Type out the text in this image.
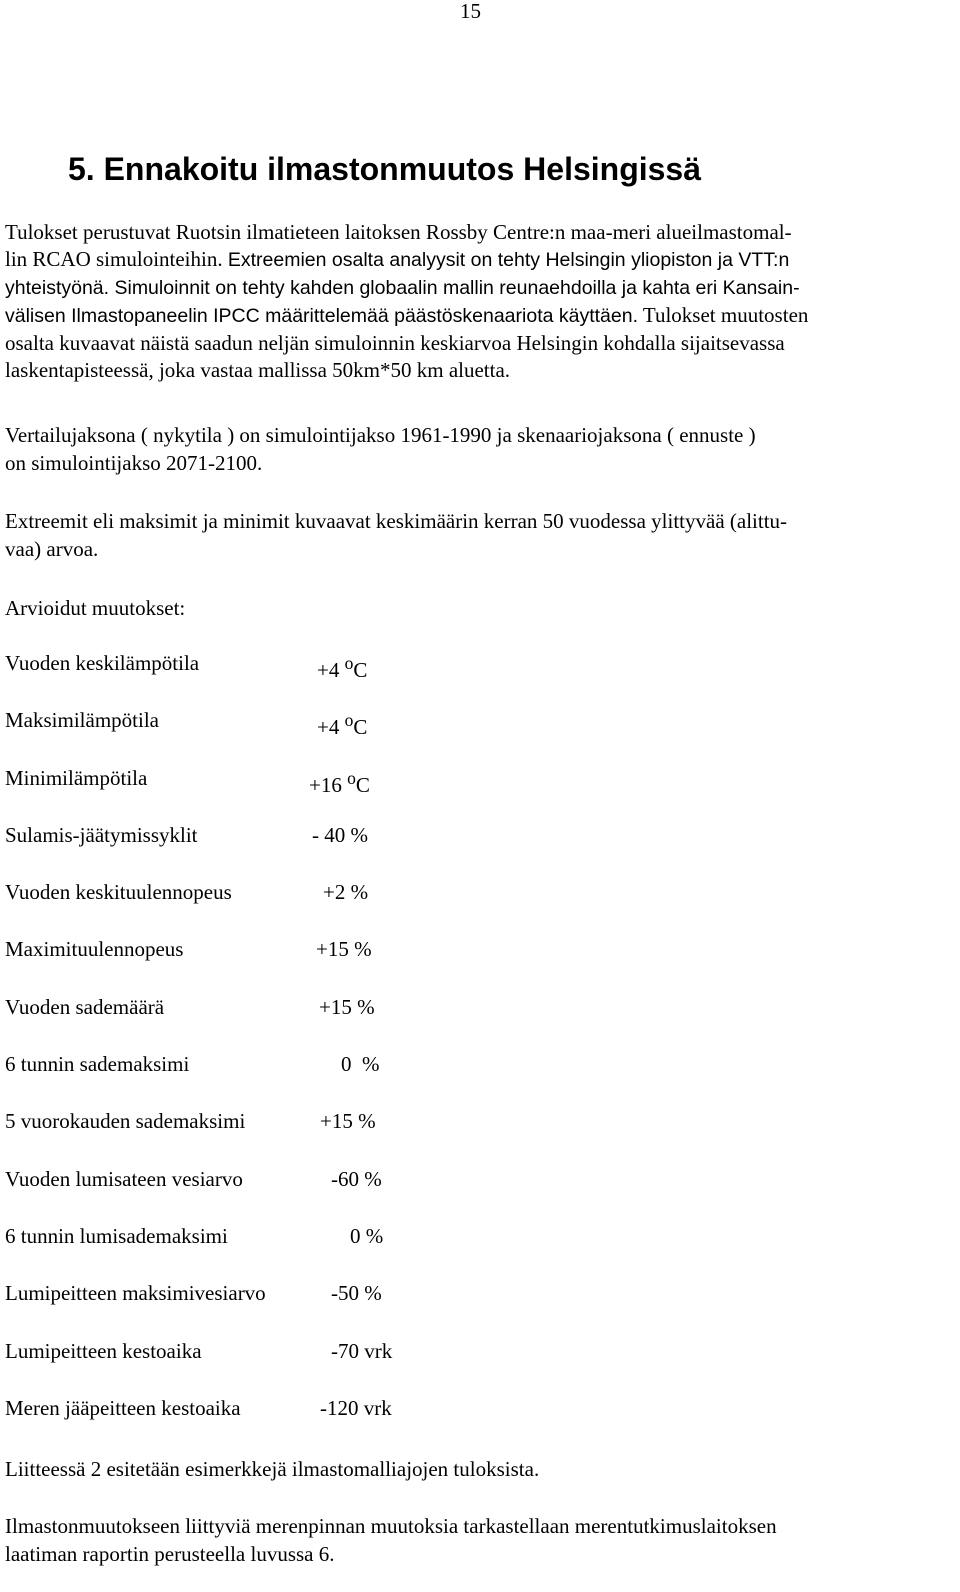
15
5. Ennakoitu ilmastonmuutos Helsingissä

Tulokset perustuvat Ruotsin ilmatieteen laitoksen Rossby Centre:n maa-meri alueilmastomal-
lin RCAO simulointeihin. Extreemien osalta analyysit on tehty Helsingin yliopiston ja VTT:n
yhteistyönä. Simuloinnit on tehty kahden globaalin mallin reunaehdoilla ja kahta eri Kansain-
välisen Ilmastopaneelin IPCC määrittelemää päästöskenaariota käyttäen. Tulokset muutosten
osalta kuvaavat näistä saadun neljän simuloinnin keskiarvoa Helsingin kohdalla sijaitsevassa
laskentapisteessä, joka vastaa mallissa 50km*50 km aluetta.

Vertailujaksona ( nykytila ) on simulointijakso 1961-1990 ja skenaariojaksona ( ennuste )
on simulointijakso 2071-2100.

Extreemit eli maksimit ja minimit kuvaavat keskimäärin kerran 50 vuodessa ylittyvää (alittu-
vaa) arvoa.

Arvioidut muutokset:

Vuoden keskilämpötila	+4 $^o$C
Maksimilämpötila	+4 $^o$C
Minimilämpötila	+16 $^o$C
Sulamis-jäätymissyklit	- 40 %
Vuoden keskituulennopeus	+2 %
Maximituulennopeus	+15 %
Vuoden sademäärä	+15 %
6 tunnin sademaksimi	0  %
5 vuorokauden sademaksimi	+15 %
Vuoden lumisateen vesiarvo	-60 %
6 tunnin lumisademaksimi	0 %
Lumipeitteen maksimivesiarvo	-50 %
Lumipeitteen kestoaika	-70 vrk
Meren jääpeitteen kestoaika	-120 vrk

Liitteessä 2 esitetään esimerkkejä ilmastomalliajojen tuloksista.

Ilmastonmuutokseen liittyviä merenpinnan muutoksia tarkastellaan merentutkimuslaitoksen
laatiman raportin perusteella luvussa 6.
